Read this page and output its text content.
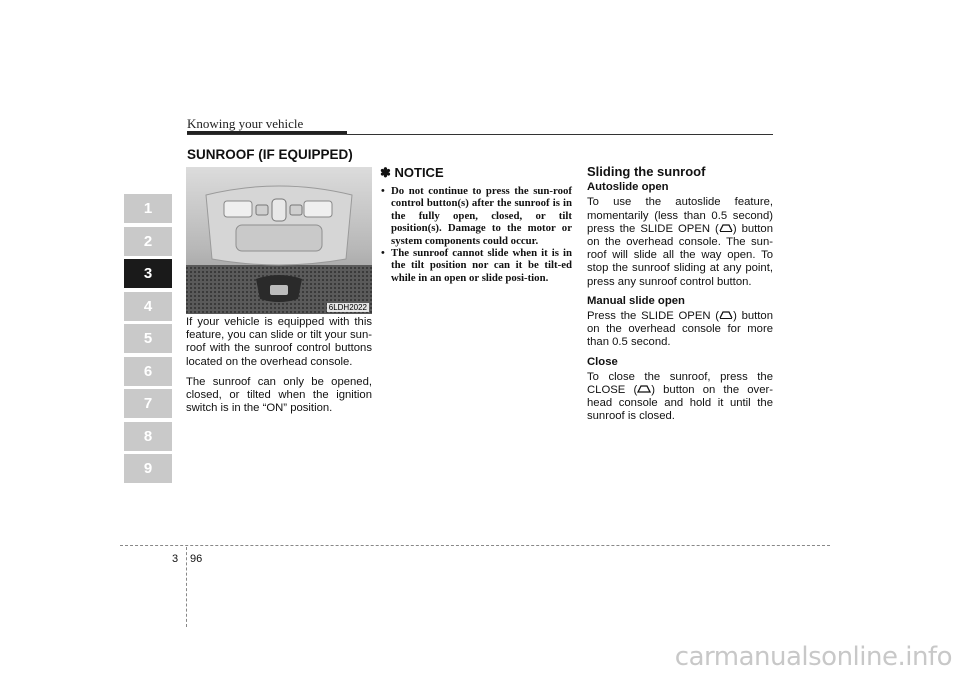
Knowing your vehicle
1
2
3
4
5
6
7
8
9
SUNROOF (IF EQUIPPED)
6LDH2022

If your vehicle is equipped with this feature, you can slide or tilt your sun-roof with the sunroof control buttons located on the overhead console.

The sunroof can only be opened, closed, or tilted when the ignition switch is in the “ON” position.

✽ NOTICE
• Do not continue to press the sun-roof control button(s) after the sunroof is in the fully open, closed, or tilt position(s). Damage to the motor or system components could occur.
• The sunroof cannot slide when it is in the tilt position nor can it be tilt-ed while in an open or slide posi-tion.
Sliding the sunroof
Autoslide open

To use the autoslide feature, momentarily (less than 0.5 second) press the SLIDE OPEN ( ) button on the overhead console. The sun-roof will slide all the way open. To stop the sunroof sliding at any point, press any sunroof control button.

Manual slide open

Press the SLIDE OPEN ( ) button on the overhead console for more than 0.5 second.

Close

To close the sunroof, press the CLOSE ( ) button on the over-head console and hold it until the sunroof is closed.

3 96
carmanualsonline.info
